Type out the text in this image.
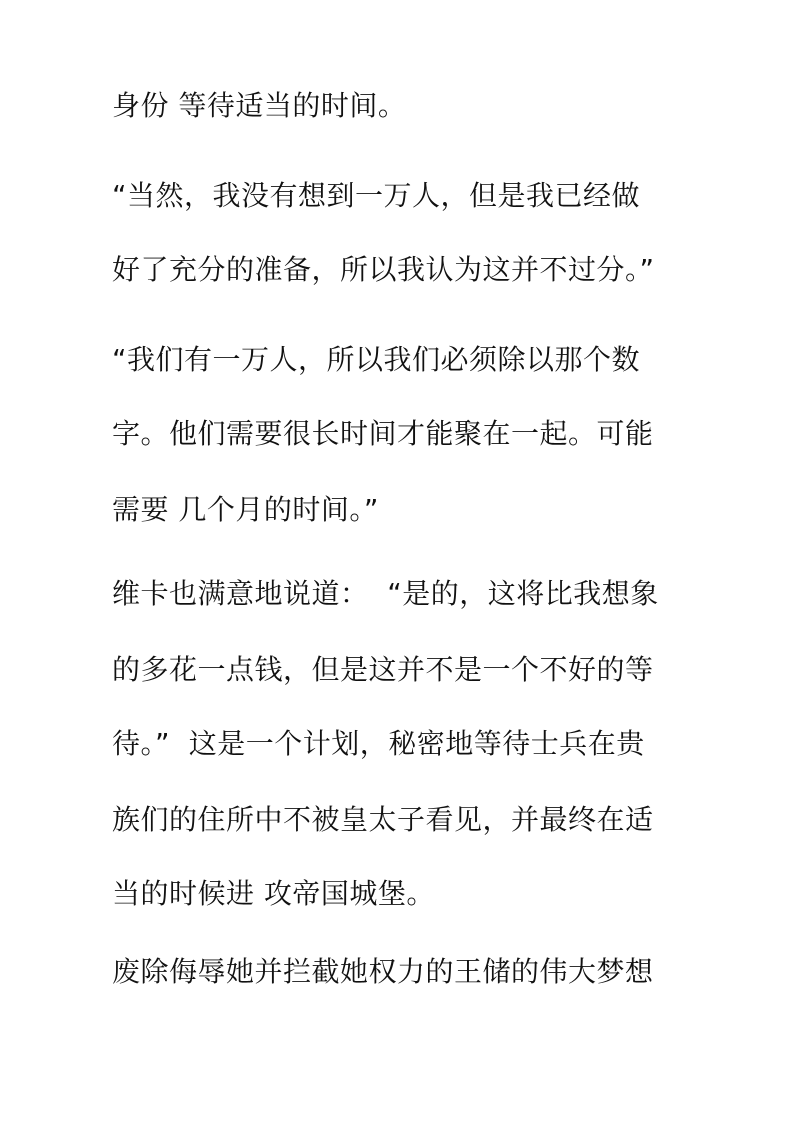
身份 等待适当的时间。
“当然，我没有想到一万人，但是我已经做
好了充分的准备，所以我认为这并不过分。”
“我们有一万人，所以我们必须除以那个数
字。他们需要很长时间才能聚在一起。可能
需要 几个月的时间。”
维卡也满意地说道：  “是的，这将比我想象
的多花一点钱，但是这并不是一个不好的等
待。”  这是一个计划，秘密地等待士兵在贵
族们的住所中不被皇太子看见，并最终在适
当的时候进 攻帝国城堡。
废除侮辱她并拦截她权力的王储的伟大梦想
